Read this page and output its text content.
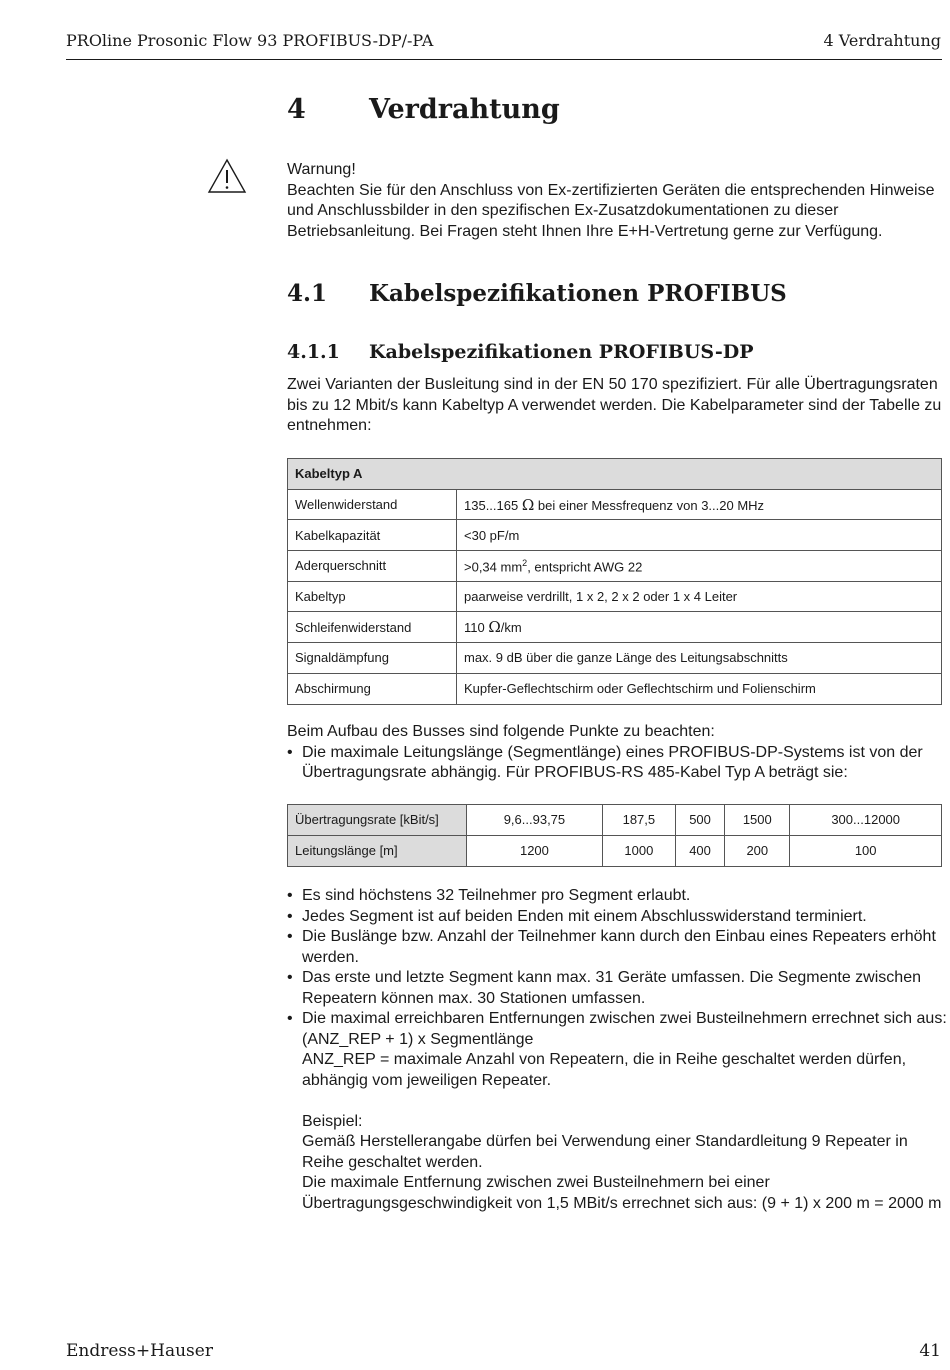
PROline Prosonic Flow 93 PROFIBUS-DP/-PA	4 Verdrahtung
4 Verdrahtung
Warnung!
Beachten Sie für den Anschluss von Ex-zertifizierten Geräten die entsprechenden Hinweise und Anschlussbilder in den spezifischen Ex-Zusatzdokumentationen zu dieser Betriebsanleitung. Bei Fragen steht Ihnen Ihre E+H-Vertretung gerne zur Verfügung.
4.1 Kabelspezifikationen PROFIBUS
4.1.1 Kabelspezifikationen PROFIBUS-DP
Zwei Varianten der Busleitung sind in der EN 50 170 spezifiziert. Für alle Übertragungsraten bis zu 12 Mbit/s kann Kabeltyp A verwendet werden. Die Kabelparameter sind der Tabelle zu entnehmen:
Kabeltyp A	
Wellenwiderstand	135...165 Ω bei einer Messfrequenz von 3...20 MHz
Kabelkapazität	<30 pF/m
Aderquerschnitt	>0,34 $mm^2$, entspricht AWG 22
Kabeltyp	paarweise verdrillt, 1 x 2, 2 x 2 oder 1 x 4 Leiter
Schleifenwiderstand	110 Ω/km
Signaldämpfung	max. 9 dB über die ganze Länge des Leitungsabschnitts
Abschirmung	Kupfer-Geflechtschirm oder Geflechtschirm und Folienschirm
Beim Aufbau des Busses sind folgende Punkte zu beachten:
• Die maximale Leitungslänge (Segmentlänge) eines PROFIBUS-DP-Systems ist von der Übertragungsrate abhängig. Für PROFIBUS-RS 485-Kabel Typ A beträgt sie:
Übertragungsrate [kBit/s]	9,6...93,75	187,5	500	1500	300...12000
Leitungslänge [m]	1200	1000	400	200	100
• Es sind höchstens 32 Teilnehmer pro Segment erlaubt.
• Jedes Segment ist auf beiden Enden mit einem Abschlusswiderstand terminiert.
• Die Buslänge bzw. Anzahl der Teilnehmer kann durch den Einbau eines Repeaters erhöht werden.
• Das erste und letzte Segment kann max. 31 Geräte umfassen. Die Segmente zwischen Repeatern können max. 30 Stationen umfassen.
• Die maximal erreichbaren Entfernungen zwischen zwei Busteilnehmern errechnet sich aus: (ANZ_REP + 1) x Segmentlänge
ANZ_REP = maximale Anzahl von Repeatern, die in Reihe geschaltet werden dürfen, abhängig vom jeweiligen Repeater.
Beispiel:
Gemäß Herstellerangabe dürfen bei Verwendung einer Standardleitung 9 Repeater in Reihe geschaltet werden.
Die maximale Entfernung zwischen zwei Busteilnehmern bei einer Übertragungsgeschwindigkeit von 1,5 MBit/s errechnet sich aus: (9 + 1) x 200 m = 2000 m
Endress+Hauser	41
